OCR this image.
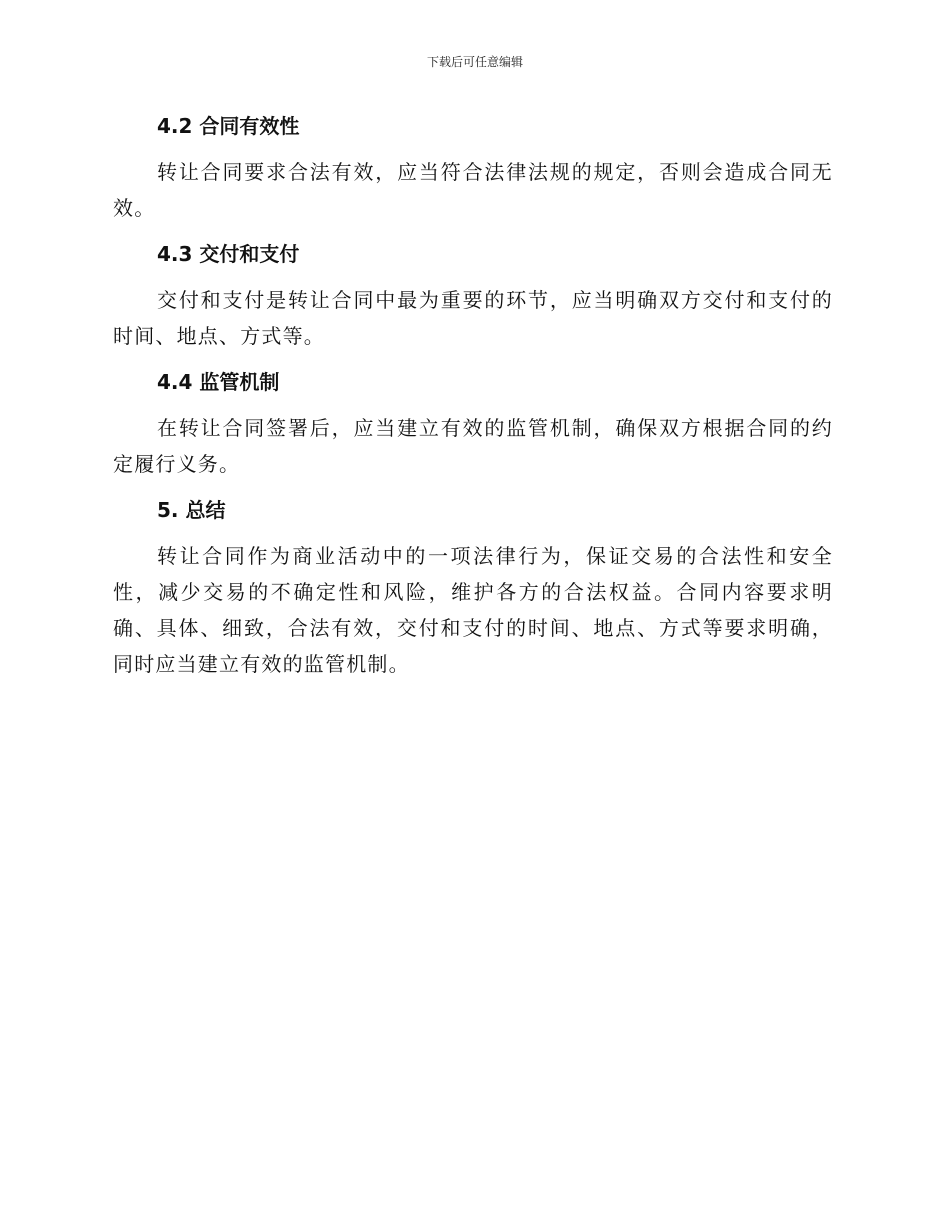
下载后可任意编辑
4.2 合同有效性

转让合同要求合法有效，应当符合法律法规的规定，否则会造成合同无效。

4.3 交付和支付

交付和支付是转让合同中最为重要的环节，应当明确双方交付和支付的时间、地点、方式等。

4.4 监管机制

在转让合同签署后，应当建立有效的监管机制，确保双方根据合同的约定履行义务。

5. 总结

转让合同作为商业活动中的一项法律行为，保证交易的合法性和安全性，减少交易的不确定性和风险，维护各方的合法权益。合同内容要求明确、具体、细致，合法有效，交付和支付的时间、地点、方式等要求明确，同时应当建立有效的监管机制。
